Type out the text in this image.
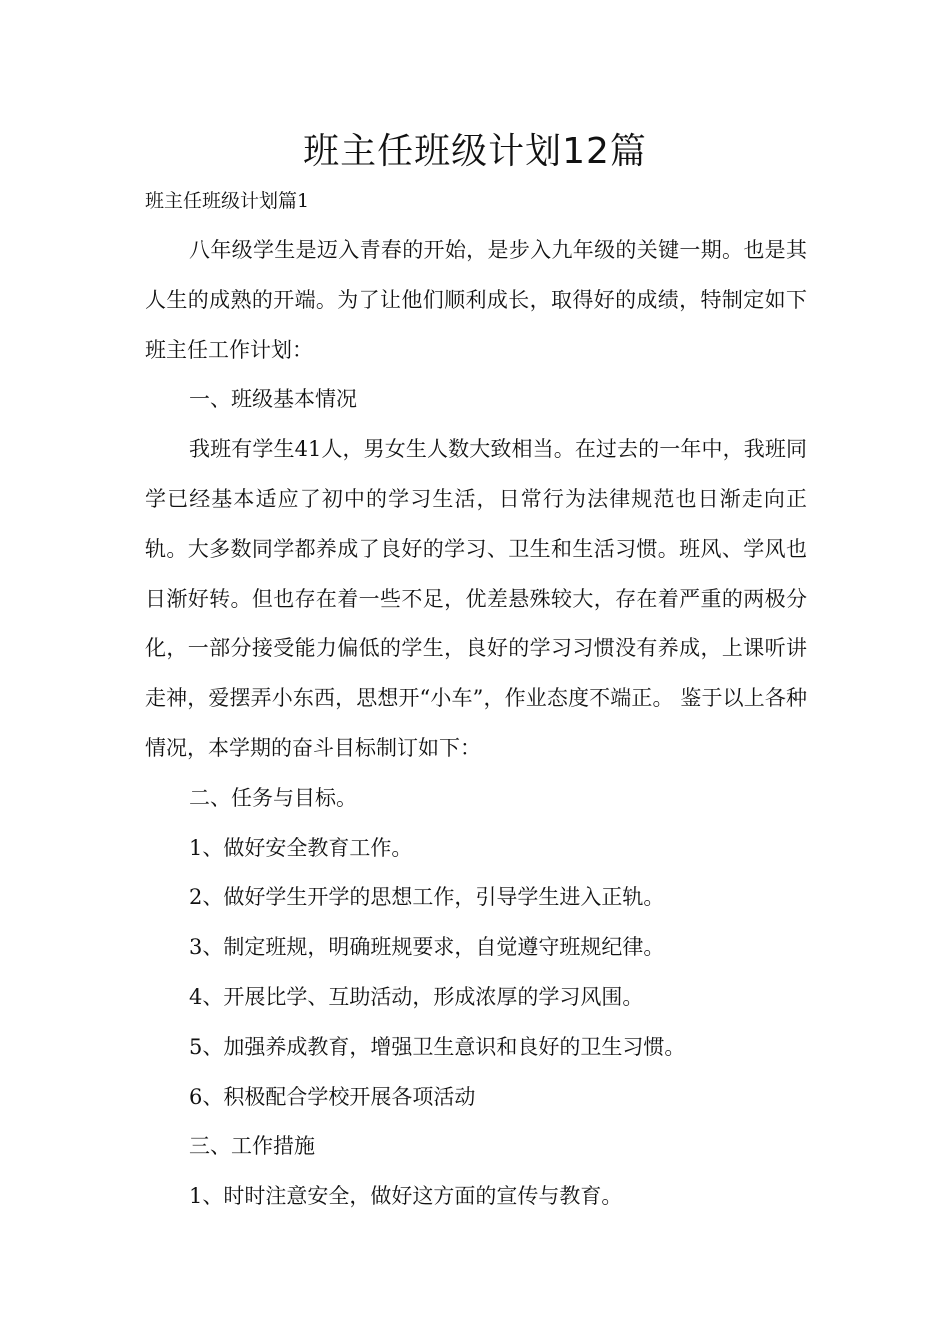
班主任班级计划12篇

班主任班级计划篇1

八年级学生是迈入青春的开始，是步入九年级的关键一期。也是其人生的成熟的开端。为了让他们顺利成长，取得好的成绩，特制定如下班主任工作计划：

一、班级基本情况

我班有学生41人，男女生人数大致相当。在过去的一年中，我班同学已经基本适应了初中的学习生活，日常行为法律规范也日渐走向正轨。大多数同学都养成了良好的学习、卫生和生活习惯。班风、学风也日渐好转。但也存在着一些不足，优差悬殊较大，存在着严重的两极分化，一部分接受能力偏低的学生，良好的学习习惯没有养成，上课听讲走神，爱摆弄小东西，思想开“小车”，作业态度不端正。 鉴于以上各种情况，本学期的奋斗目标制订如下：

二、任务与目标。

1、做好安全教育工作。

2、做好学生开学的思想工作，引导学生进入正轨。

3、制定班规，明确班规要求，自觉遵守班规纪律。

4、开展比学、互助活动，形成浓厚的学习风围。

5、加强养成教育，增强卫生意识和良好的卫生习惯。

6、积极配合学校开展各项活动

三、工作措施

1、时时注意安全，做好这方面的宣传与教育。
